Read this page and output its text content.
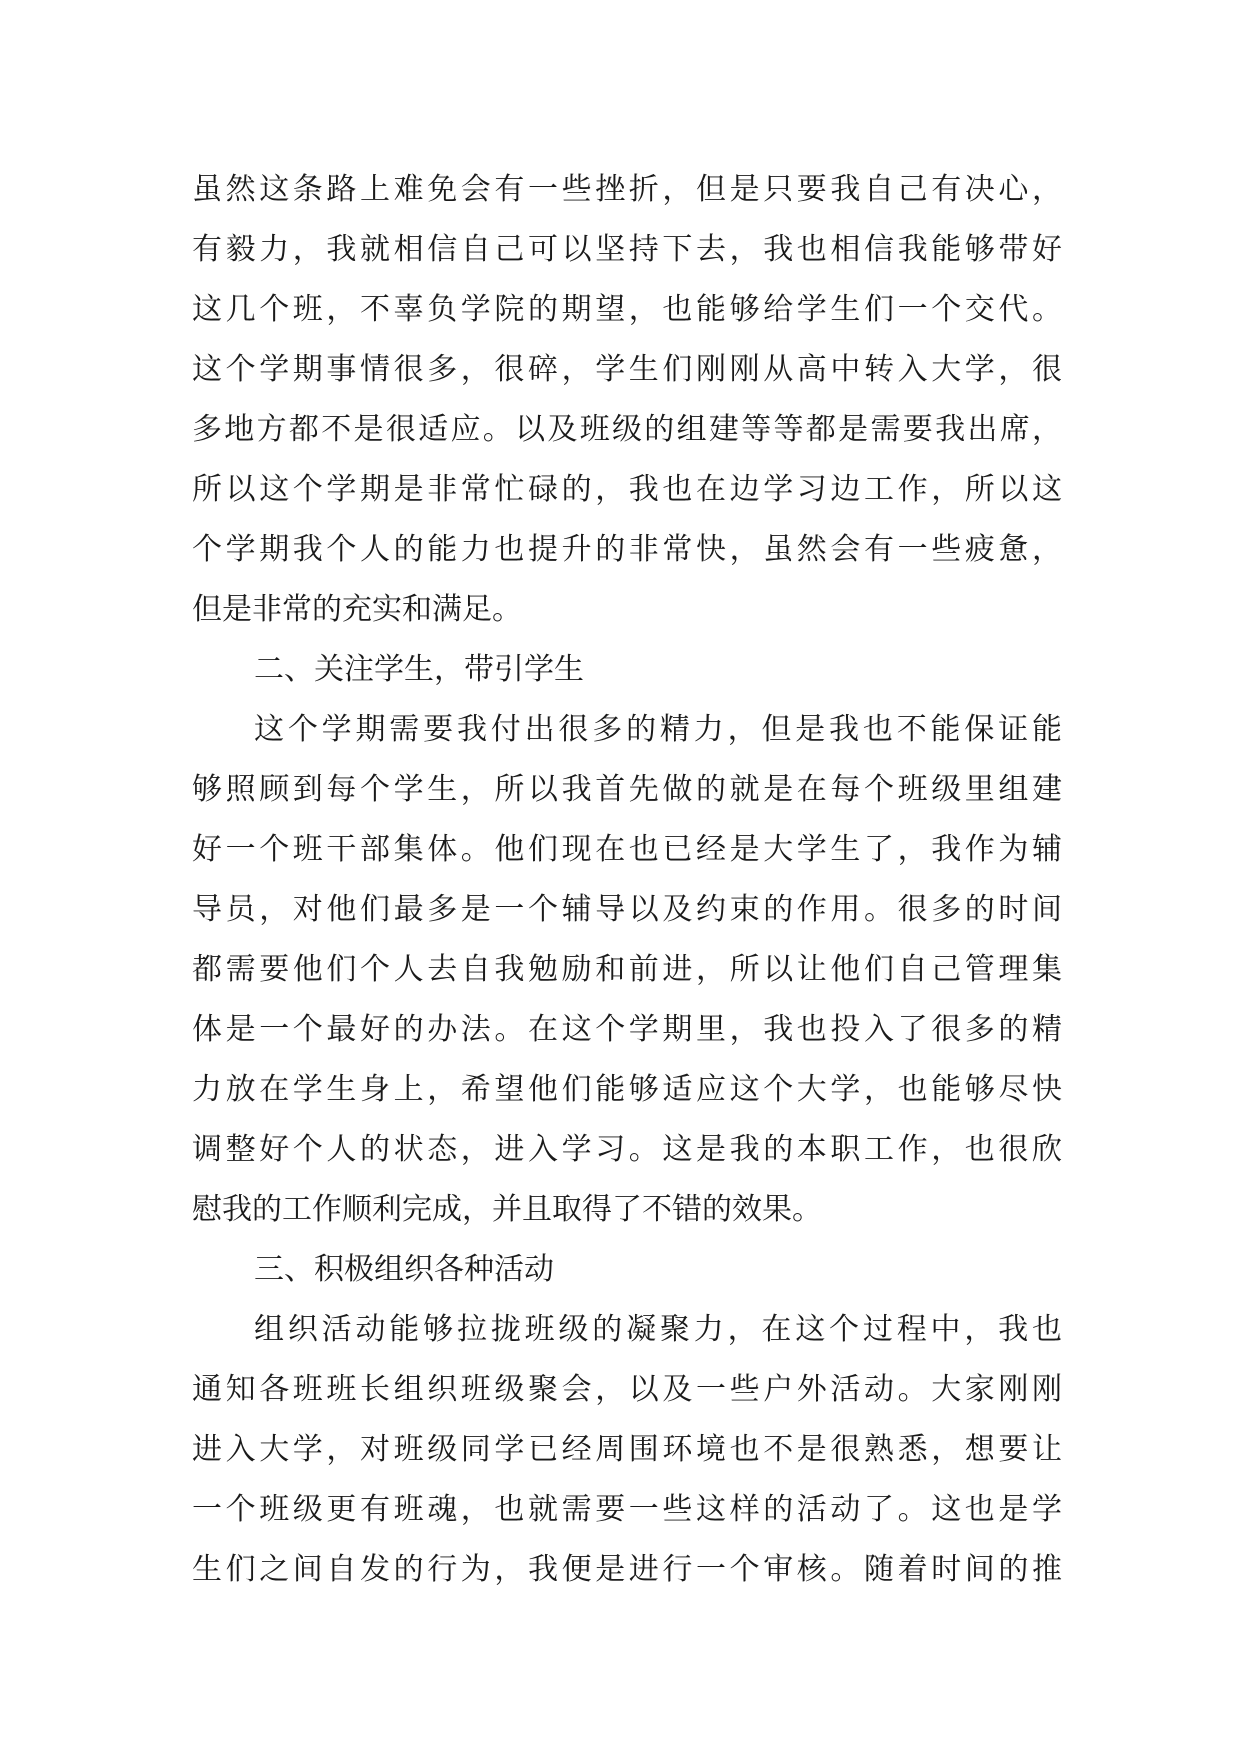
虽然这条路上难免会有一些挫折，但是只要我自己有决心，
有毅力，我就相信自己可以坚持下去，我也相信我能够带好
这几个班，不辜负学院的期望，也能够给学生们一个交代。
这个学期事情很多，很碎，学生们刚刚从高中转入大学，很
多地方都不是很适应。以及班级的组建等等都是需要我出席，
所以这个学期是非常忙碌的，我也在边学习边工作，所以这
个学期我个人的能力也提升的非常快，虽然会有一些疲惫，
但是非常的充实和满足。
二、关注学生，带引学生
这个学期需要我付出很多的精力，但是我也不能保证能
够照顾到每个学生，所以我首先做的就是在每个班级里组建
好一个班干部集体。他们现在也已经是大学生了，我作为辅
导员，对他们最多是一个辅导以及约束的作用。很多的时间
都需要他们个人去自我勉励和前进，所以让他们自己管理集
体是一个最好的办法。在这个学期里，我也投入了很多的精
力放在学生身上，希望他们能够适应这个大学，也能够尽快
调整好个人的状态，进入学习。这是我的本职工作，也很欣
慰我的工作顺利完成，并且取得了不错的效果。
三、积极组织各种活动
组织活动能够拉拢班级的凝聚力，在这个过程中，我也
通知各班班长组织班级聚会，以及一些户外活动。大家刚刚
进入大学，对班级同学已经周围环境也不是很熟悉，想要让
一个班级更有班魂，也就需要一些这样的活动了。这也是学
生们之间自发的行为，我便是进行一个审核。随着时间的推
